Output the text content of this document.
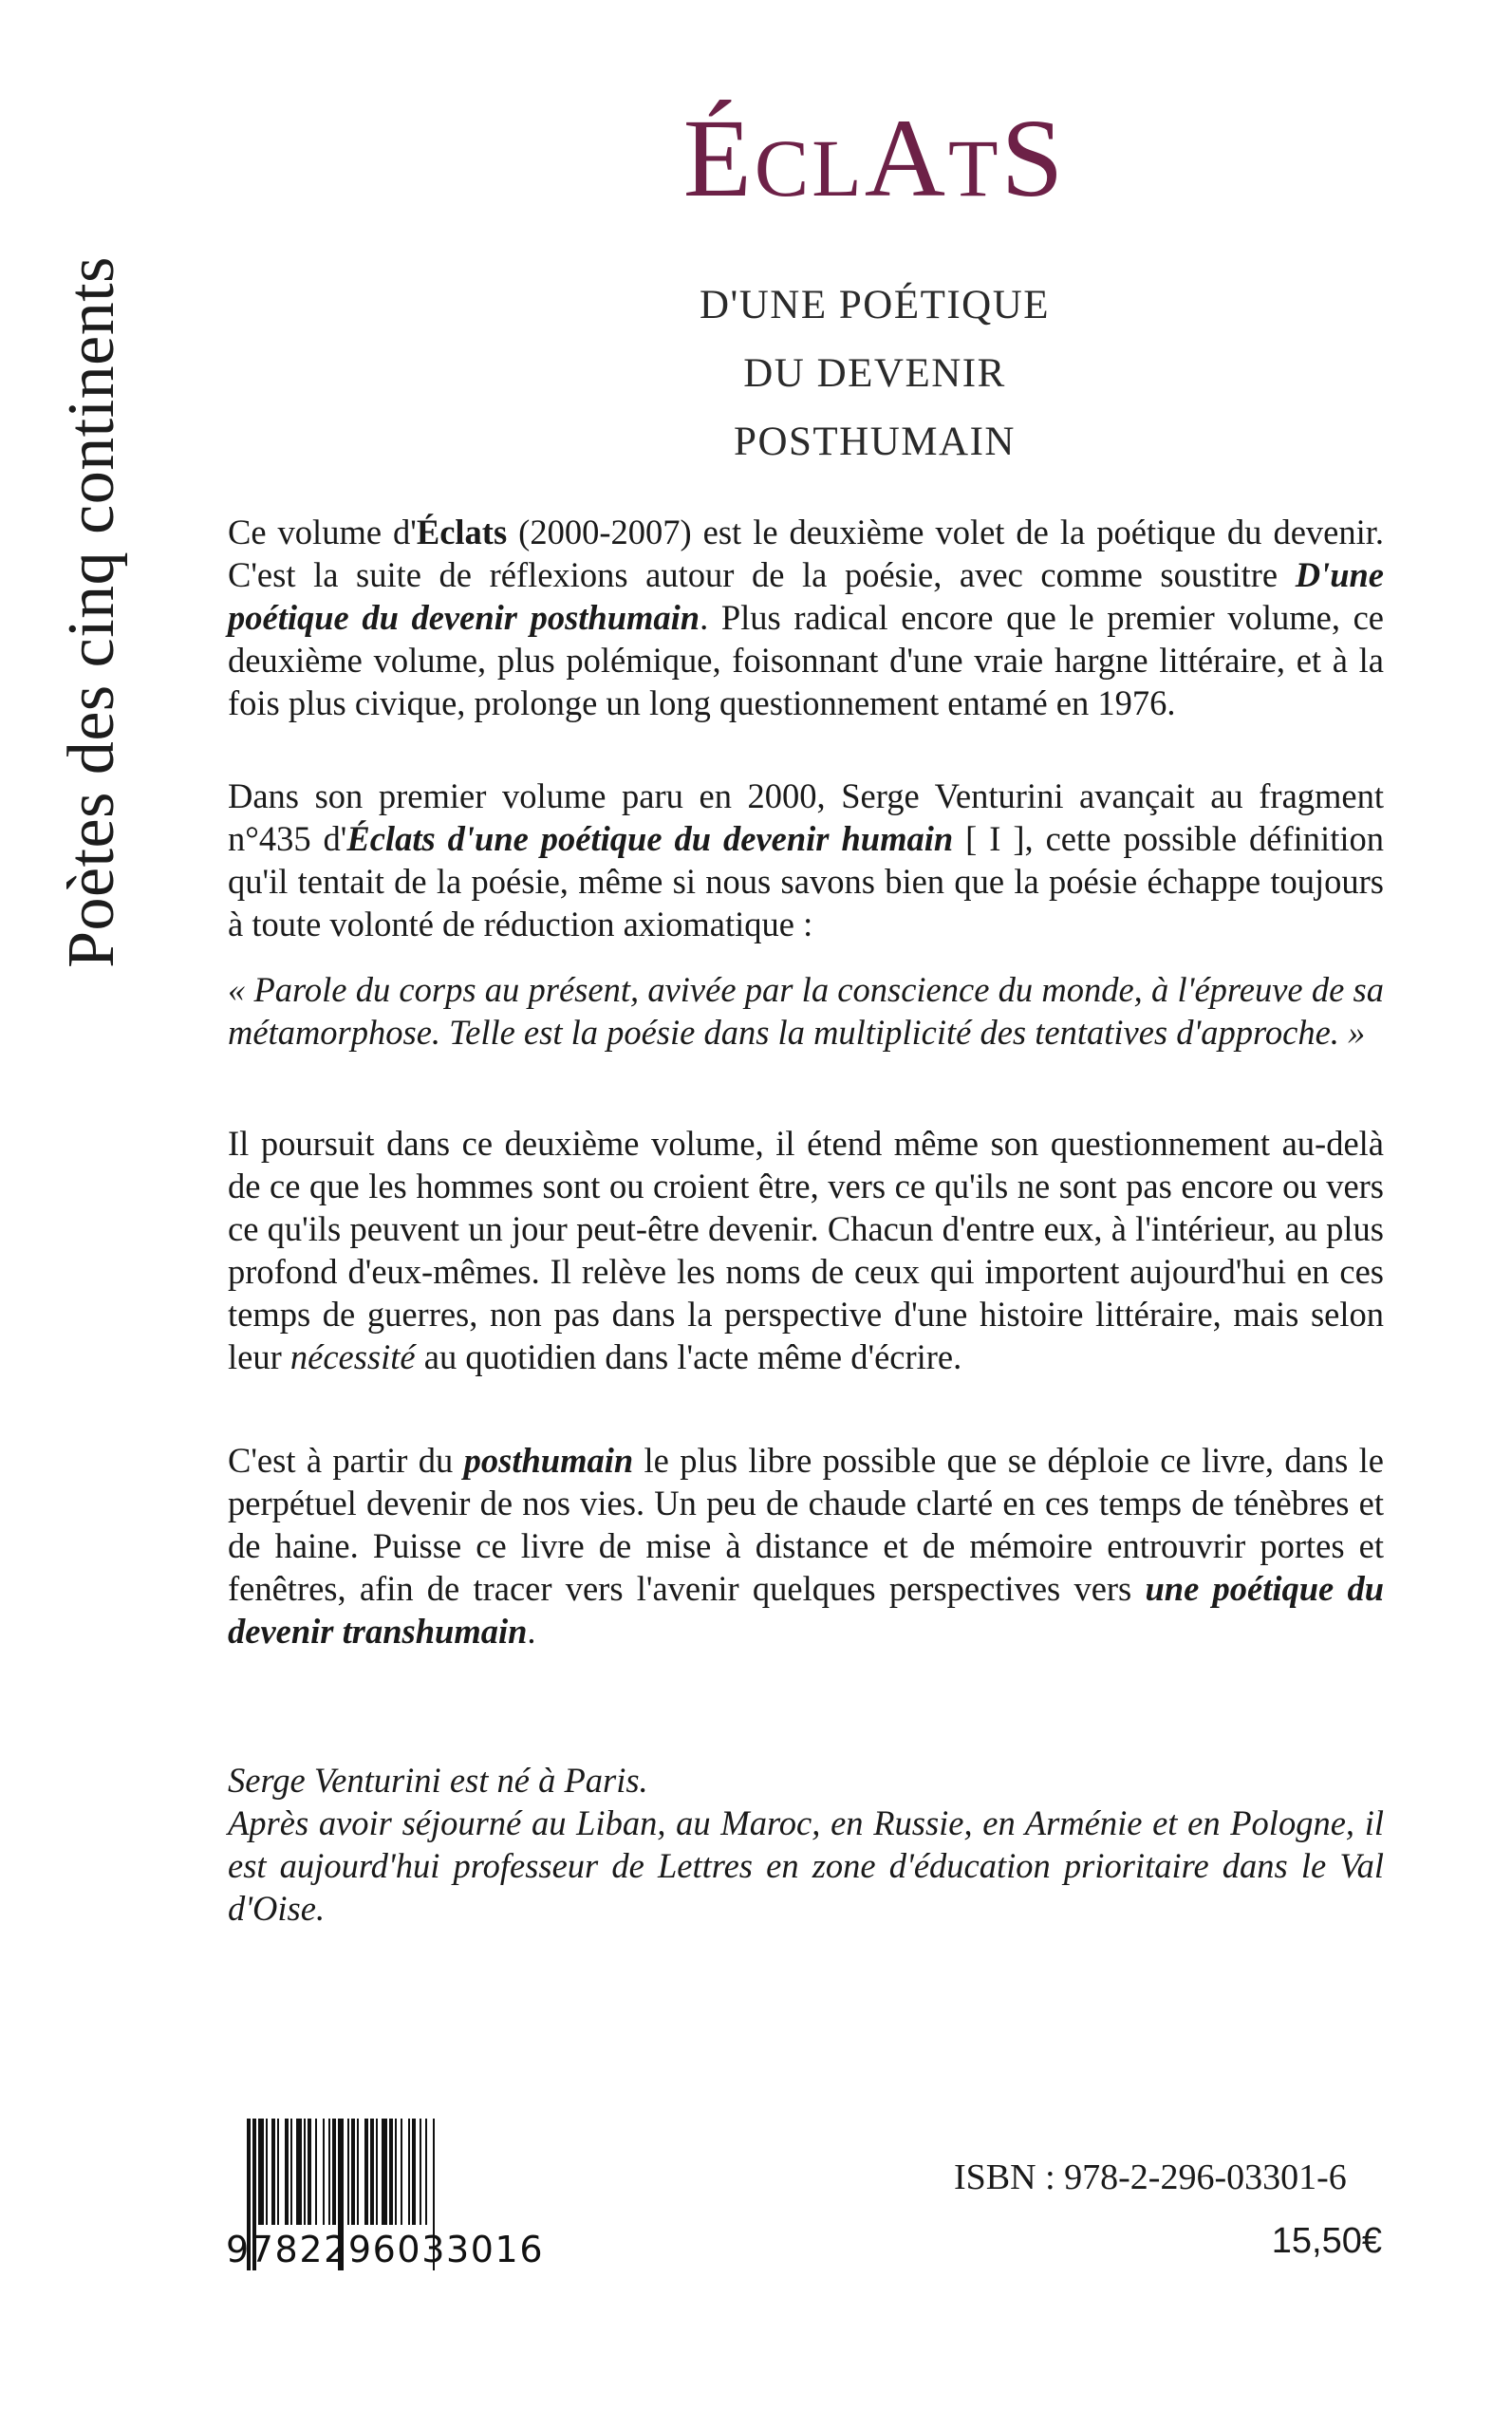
Poètes des cinq continents
ÉCLATS
D'UNE POÉTIQUE
DU DEVENIR
POSTHUMAIN

Ce volume d'Éclats (2000-2007) est le deuxième volet de la poétique du devenir. C'est la suite de réflexions autour de la poésie, avec comme soustitre D'une poétique du devenir posthumain. Plus radical encore que le premier volume, ce deuxième volume, plus polémique, foisonnant d'une vraie hargne littéraire, et à la fois plus civique, prolonge un long questionnement entamé en 1976.

Dans son premier volume paru en 2000, Serge Venturini avançait au fragment n°435 d'Éclats d'une poétique du devenir humain [ I ], cette possible définition qu'il tentait de la poésie, même si nous savons bien que la poésie échappe toujours à toute volonté de réduction axiomatique :

« Parole du corps au présent, avivée par la conscience du monde, à l'épreuve de sa métamorphose. Telle est la poésie dans la multiplicité des tentatives d'approche. »

Il poursuit dans ce deuxième volume, il étend même son questionnement au-delà de ce que les hommes sont ou croient être, vers ce qu'ils ne sont pas encore ou vers ce qu'ils peuvent un jour peut-être devenir. Chacun d'entre eux, à l'intérieur, au plus profond d'eux-mêmes. Il relève les noms de ceux qui importent aujourd'hui en ces temps de guerres, non pas dans la perspective d'une histoire littéraire, mais selon leur nécessité au quotidien dans l'acte même d'écrire.

C'est à partir du posthumain le plus libre possible que se déploie ce livre, dans le perpétuel devenir de nos vies. Un peu de chaude clarté en ces temps de ténèbres et de haine. Puisse ce livre de mise à distance et de mémoire entrouvrir portes et fenêtres, afin de tracer vers l'avenir quelques perspectives vers une poétique du devenir transhumain.

Serge Venturini est né à Paris.

Après avoir séjourné au Liban, au Maroc, en Russie, en Arménie et en Pologne, il est aujourd'hui professeur de Lettres en zone d'éducation prioritaire dans le Val d'Oise.

9782296033016
ISBN : 978-2-296-03301-6
15,50€
